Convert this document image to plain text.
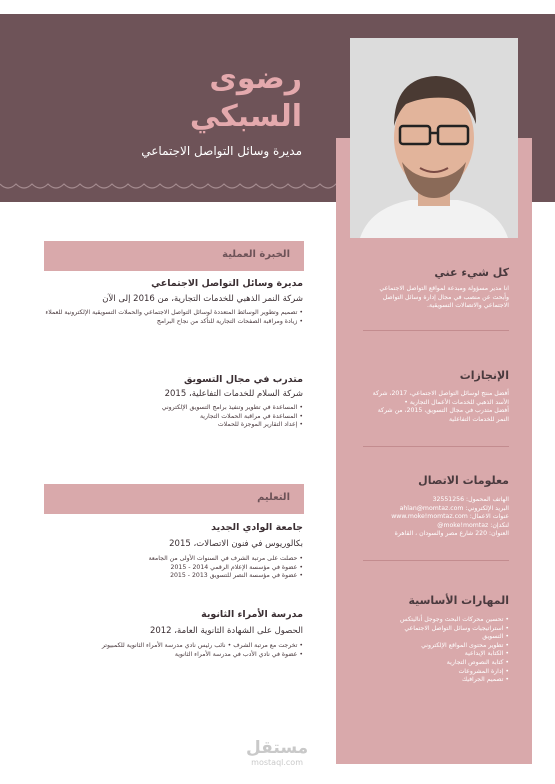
رضوى
السبكي
مديرة وسائل التواصل الاجتماعي
كل شيء عني
انا مدير مسؤولة ومبدعة لمواقع التواصل الاجتماعي
وأبحث عن منصب في مجال إدارة وسائل التواصل
الاجتماعي والاتصالات التسويقية.
الإنجازات
أفضل منتج لوسائل التواصل الاجتماعي، 2017، شركة
الأسد الذهبي للخدمات الأعمال التجارية •
أفضل متدرب في مجال التسويق، 2015، من شركة
النمر للخدمات التفاعلية
معلومات الاتصال
الهاتف المحمول: 32551256
البريد الإلكتروني: ahlan@momtaz.com
عنوات الاعمال: www.moke!momtaz.com
لنكدإن: moke!momtaz@
العنوان: 220 شارع مصر والسودان ، القاهرة
المهارات الأساسية
• تحسين محركات البحث وجوجل أناليتكس
• استراتيجيات وسائل التواصل الاجتماعي
• التسويق
• تطوير محتوى المواقع الإلكتروني
• الكتابة الإبداعية
• كتابة النصوص التجارية
• إدارة المشروعات
• تصميم الجرافيك
الخبرة العملية
مديرة وسائل التواصل الاجتماعي
شركة النمر الذهبي للخدمات التجارية، من 2016 إلى الآن
• تصميم وتطوير الوسائط المتعددة لوسائل التواصل الاجتماعي والحملات التسويقية الإلكترونية للعملاء
• زيادة ومراقبة الصفحات التجارية للتأكد من نجاح البرامج
متدرب في مجال التسويق
شركة السلام للخدمات التفاعلية، 2015
• المساعدة في تطوير وتنفيذ برامج التسويق الإلكتروني
• المساعدة في مراقبة الحملات التجارية
• إعداد التقارير الموجزة للحملات
التعليم
جامعة الوادي الجديد
بكالوريوس في فنون الاتصالات، 2015
• حصلت على مرتبة الشرف في السنوات الأولى من الجامعة
• عضوة في مؤسسة الإعلام الرقمي 2014 - 2015
• عضوة في مؤسسة النصر للتسويق 2013 - 2015
مدرسة الأمراء الثانوية
الحصول على الشهادة الثانوية العامة، 2012
• تخرجت مع مرتبة الشرف • نائب رئيس نادي مدرسة الأمراء الثانوية للكمبيوتر
• عضوة في نادي الأدب في مدرسة الأمراء الثانوية
مستقل
mostaql.com
